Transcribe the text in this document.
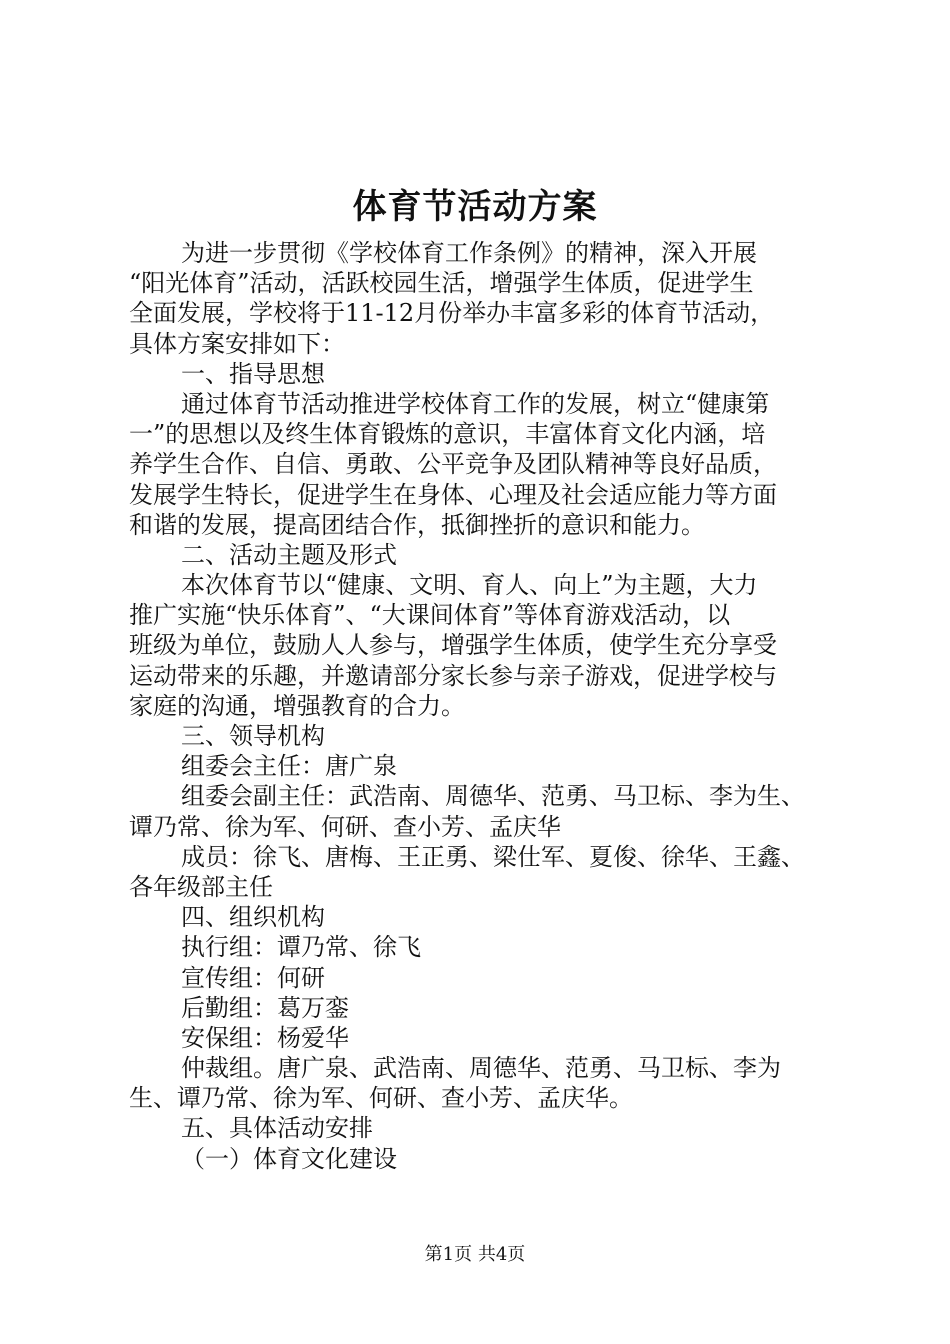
体育节活动方案
为进一步贯彻《学校体育工作条例》的精神，深入开展
“阳光体育”活动，活跃校园生活，增强学生体质，促进学生
全面发展，学校将于11-12月份举办丰富多彩的体育节活动，
具体方案安排如下：
一、指导思想
通过体育节活动推进学校体育工作的发展，树立“健康第
一”的思想以及终生体育锻炼的意识，丰富体育文化内涵，培
养学生合作、自信、勇敢、公平竞争及团队精神等良好品质，
发展学生特长，促进学生在身体、心理及社会适应能力等方面
和谐的发展，提高团结合作，抵御挫折的意识和能力。
二、活动主题及形式
本次体育节以“健康、文明、育人、向上”为主题，大力
推广实施“快乐体育”、“大课间体育”等体育游戏活动，以
班级为单位，鼓励人人参与，增强学生体质，使学生充分享受
运动带来的乐趣，并邀请部分家长参与亲子游戏，促进学校与
家庭的沟通，增强教育的合力。
三、领导机构
组委会主任：唐广泉
组委会副主任：武浩南、周德华、范勇、马卫标、李为生、
谭乃常、徐为军、何研、查小芳、孟庆华
成员：徐飞、唐梅、王正勇、梁仕军、夏俊、徐华、王鑫、
各年级部主任
四、组织机构
执行组：谭乃常、徐飞
宣传组：何研
后勤组：葛万銮
安保组：杨爱华
仲裁组。唐广泉、武浩南、周德华、范勇、马卫标、李为
生、谭乃常、徐为军、何研、查小芳、孟庆华。
五、具体活动安排
（一）体育文化建设
第1页 共4页
